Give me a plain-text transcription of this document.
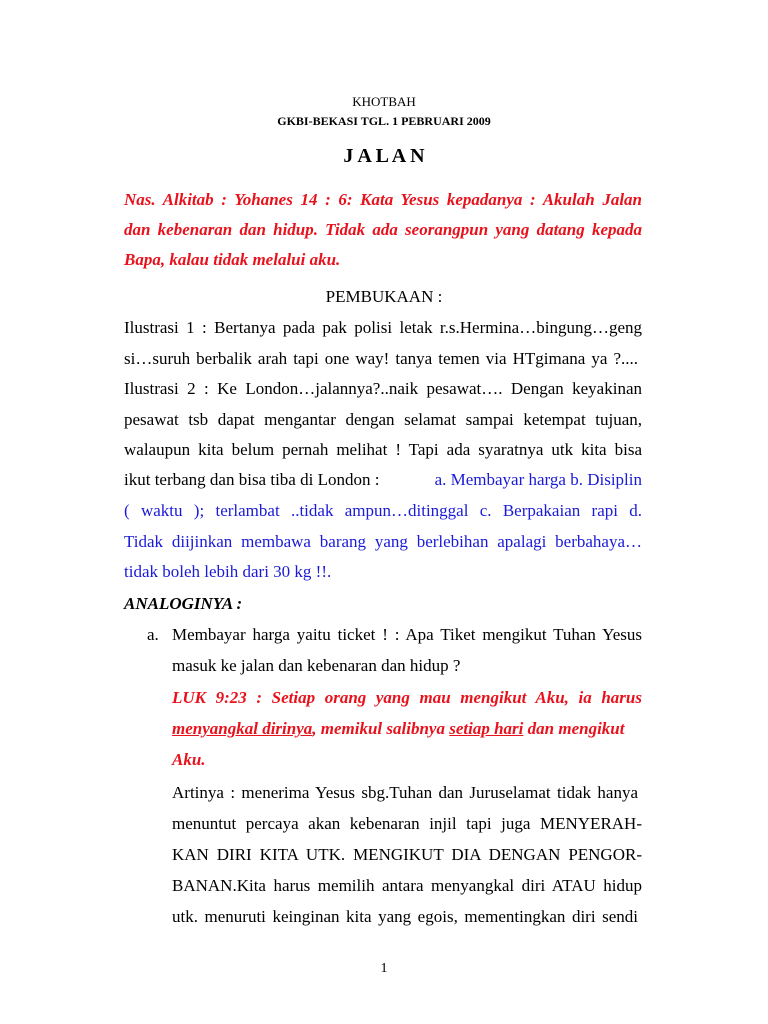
KHOTBAH
GKBI-BEKASI TGL. 1 PEBRUARI 2009
J A L A N
Nas. Alkitab : Yohanes 14 : 6: Kata Yesus kepadanya : Akulah Jalan
dan kebenaran dan hidup. Tidak ada seorangpun yang datang kepada
Bapa, kalau tidak melalui aku.
PEMBUKAAN :
Ilustrasi 1 : Bertanya pada pak polisi letak r.s.Hermina…bingung…geng
si…suruh berbalik arah tapi one way! tanya temen via HTgimana ya ?....
Ilustrasi 2 : Ke London…jalannya?..naik pesawat…. Dengan keyakinan
pesawat tsb dapat mengantar dengan selamat sampai ketempat tujuan,
walaupun kita belum pernah melihat ! Tapi ada syaratnya utk kita bisa
ikut terbang dan bisa tiba di London :	a. Membayar harga b. Disiplin
( waktu ); terlambat ..tidak ampun…ditinggal c. Berpakaian rapi d.
Tidak diijinkan membawa barang yang berlebihan apalagi berbahaya…
tidak boleh lebih dari 30 kg !!.
ANALOGINYA :
a. Membayar harga yaitu ticket ! : Apa Tiket mengikut Tuhan Yesus
masuk ke jalan dan kebenaran dan hidup ?
LUK 9:23 : Setiap orang yang mau mengikut Aku, ia harus
menyangkal dirinya, memikul salibnya setiap hari dan mengikut
Aku.
Artinya : menerima Yesus sbg.Tuhan dan Juruselamat tidak hanya
menuntut percaya akan kebenaran injil tapi juga MENYERAH-
KAN DIRI KITA UTK. MENGIKUT DIA DENGAN PENGOR-
BANAN.Kita harus memilih antara menyangkal diri ATAU hidup
utk. menuruti keinginan kita yang egois, mementingkan diri sendi
1
